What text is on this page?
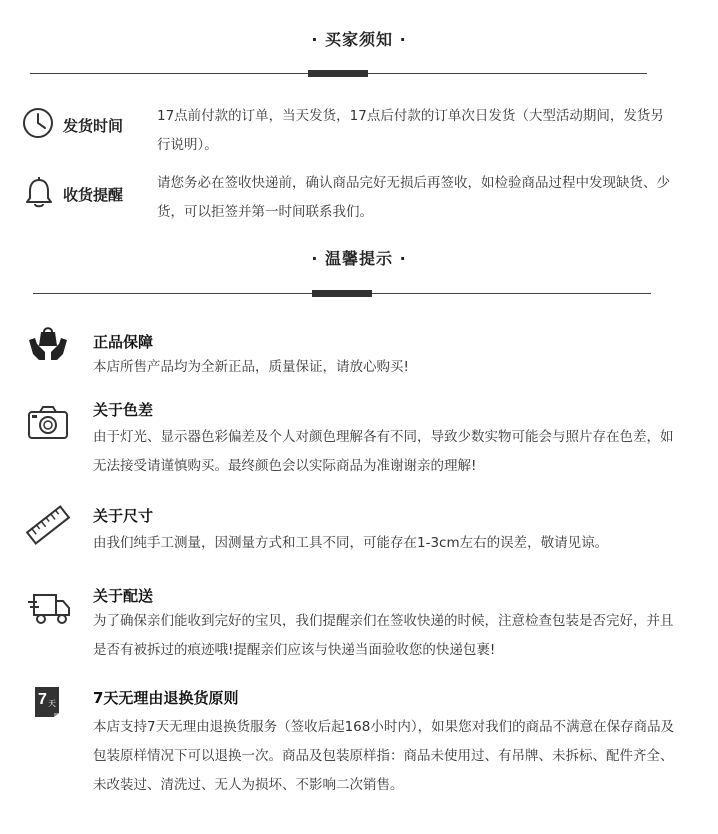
· 买家须知 ·
发货时间
17点前付款的订单，当天发货，17点后付款的订单次日发货（大型活动期间，发货另行说明）。
收货提醒
请您务必在签收快递前，确认商品完好无损后再签收，如检验商品过程中发现缺货、少货，可以拒签并第一时间联系我们。
· 温馨提示 ·
正品保障
本店所售产品均为全新正品，质量保证，请放心购买!
关于色差
由于灯光、显示器色彩偏差及个人对颜色理解各有不同，导致少数实物可能会与照片存在色差，如无法接受请谨慎购买。最终颜色会以实际商品为准谢谢亲的理解!
关于尺寸
由我们纯手工测量，因测量方式和工具不同，可能存在1-3cm左右的误差，敬请见谅。
关于配送
为了确保亲们能收到完好的宝贝，我们提醒亲们在签收快递的时候，注意检查包装是否完好，并且是否有被拆过的痕迹哦!提醒亲们应该与快递当面验收您的快递包裹!
7 天 7天无理由退换货原则
本店支持7天无理由退换货服务（签收后起168小时内），如果您对我们的商品不满意在保存商品及包装原样情况下可以退换一次。商品及包装原样指：商品未使用过、有吊牌、未拆标、配件齐全、未改装过、清洗过、无人为损坏、不影响二次销售。
